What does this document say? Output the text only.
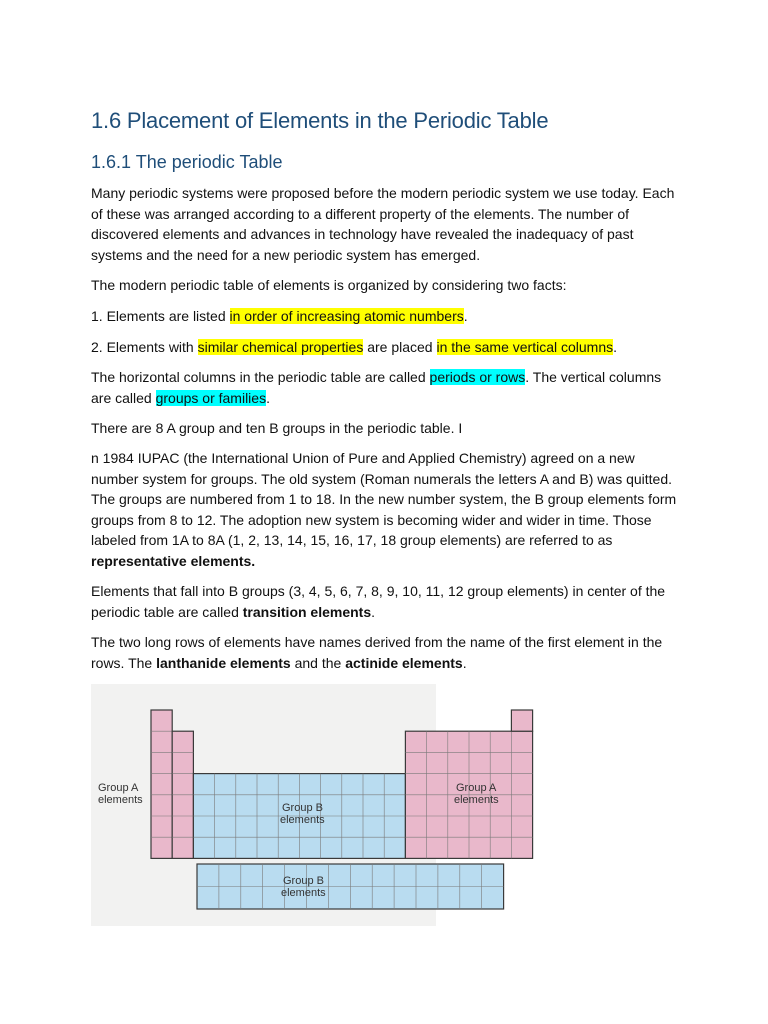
1.6 Placement of Elements in the Periodic Table
1.6.1 The periodic Table

Many periodic systems were proposed before the modern periodic system we use today. Each of these was arranged according to a different property of the elements. The number of discovered elements and advances in technology have revealed the inadequacy of past systems and the need for a new periodic system has emerged.

The modern periodic table of elements is organized by considering two facts:

1. Elements are listed in order of increasing atomic numbers.

2. Elements with similar chemical properties are placed in the same vertical columns.

The horizontal columns in the periodic table are called periods or rows. The vertical columns are called groups or families.

There are 8 A group and ten B groups in the periodic table. I

n 1984 IUPAC (the International Union of Pure and Applied Chemistry) agreed on a new number system for groups. The old system (Roman numerals the letters A and B) was quitted. The groups are numbered from 1 to 18. In the new number system, the B group elements form groups from 8 to 12. The adoption new system is becoming wider and wider in time. Those labeled from 1A to 8A (1, 2, 13, 14, 15, 16, 17, 18 group elements) are referred to as representative elements.

Elements that fall into B groups (3, 4, 5, 6, 7, 8, 9, 10, 11, 12 group elements) in center of the periodic table are called transition elements.

The two long rows of elements have names derived from the name of the first element in the rows. The lanthanide elements and the actinide elements.

Group A
elements
Group B
elements
Group A
elements
Group B
elements
